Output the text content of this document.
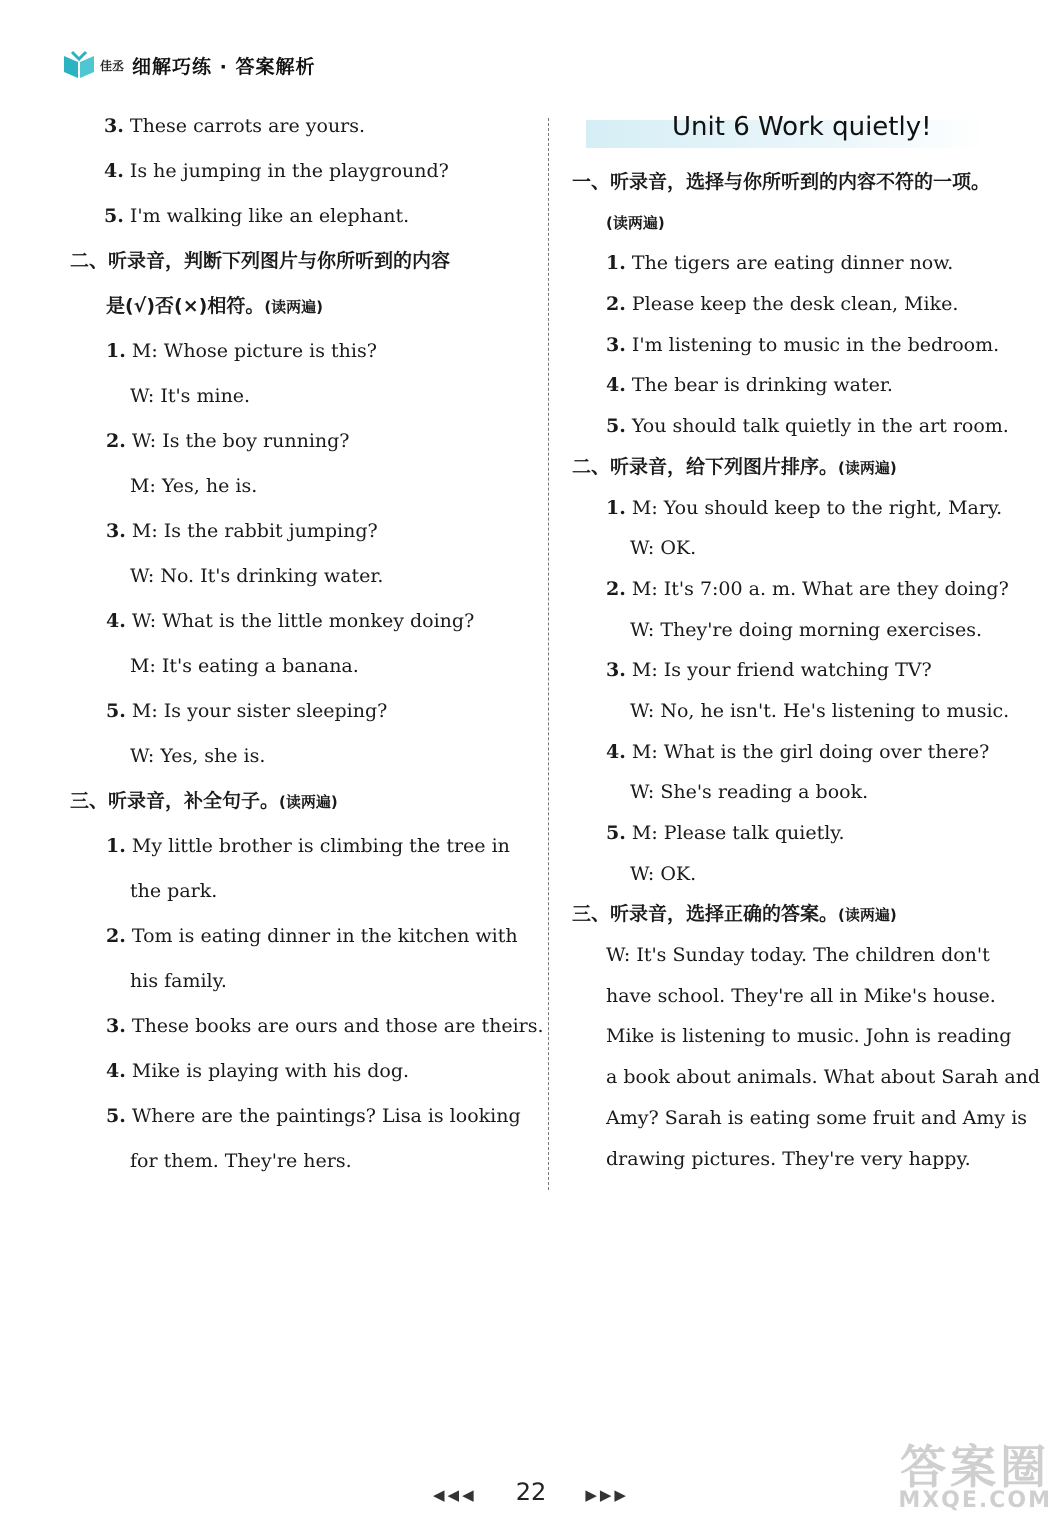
佳丞 细解巧练 · 答案解析
3. These carrots are yours.
4. Is he jumping in the playground?
5. I'm walking like an elephant.
二、听录音，判断下列图片与你所听到的内容
是(√)否(×)相符。(读两遍)
1. M: Whose picture is this?
W: It's mine.
2. W: Is the boy running?
M: Yes, he is.
3. M: Is the rabbit jumping?
W: No. It's drinking water.
4. W: What is the little monkey doing?
M: It's eating a banana.
5. M: Is your sister sleeping?
W: Yes, she is.
三、听录音，补全句子。(读两遍)
1. My little brother is climbing the tree in
the park.
2. Tom is eating dinner in the kitchen with
his family.
3. These books are ours and those are theirs.
4. Mike is playing with his dog.
5. Where are the paintings? Lisa is looking
for them. They're hers.
Unit 6 Work quietly!
一、听录音，选择与你所听到的内容不符的一项。
(读两遍)
1. The tigers are eating dinner now.
2. Please keep the desk clean, Mike.
3. I'm listening to music in the bedroom.
4. The bear is drinking water.
5. You should talk quietly in the art room.
二、听录音，给下列图片排序。(读两遍)
1. M: You should keep to the right, Mary.
W: OK.
2. M: It's 7:00 a. m. What are they doing?
W: They're doing morning exercises.
3. M: Is your friend watching TV?
W: No, he isn't. He's listening to music.
4. M: What is the girl doing over there?
W: She's reading a book.
5. M: Please talk quietly.
W: OK.
三、听录音，选择正确的答案。(读两遍)
W: It's Sunday today. The children don't
have school. They're all in Mike's house.
Mike is listening to music. John is reading
a book about animals. What about Sarah and
Amy? Sarah is eating some fruit and Amy is
drawing pictures. They're very happy.
◀◀◀ 22	▶▶▶
答案圈
MXQE.COM
